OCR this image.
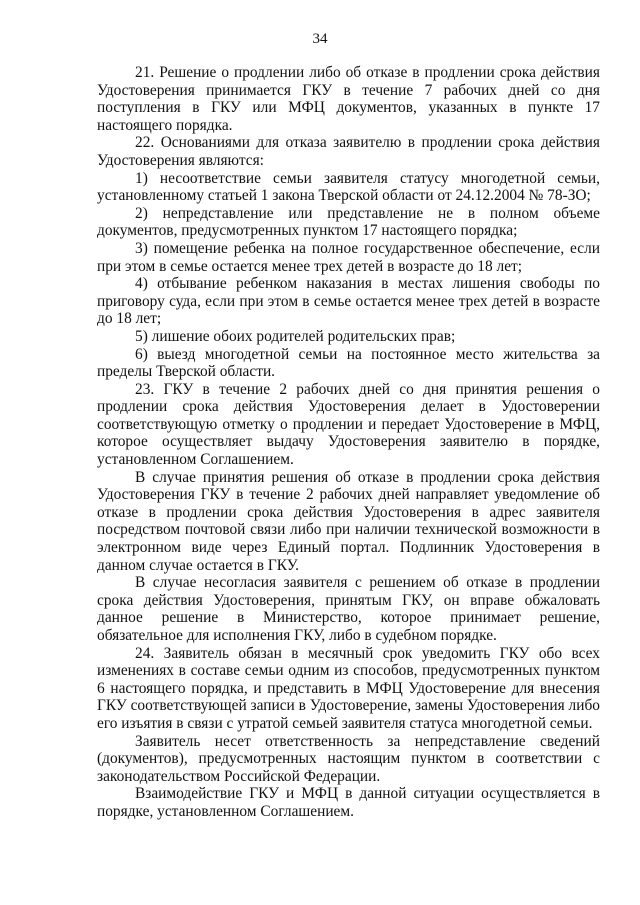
34

21. Решение о продлении либо об отказе в продлении срока действия Удостоверения принимается ГКУ в течение 7 рабочих дней со дня поступления в ГКУ или МФЦ документов, указанных в пункте 17 настоящего порядка.

22. Основаниями для отказа заявителю в продлении срока действия Удостоверения являются:

1) несоответствие семьи заявителя статусу многодетной семьи, установленному статьей 1 закона Тверской области от 24.12.2004 № 78-ЗО;

2) непредставление или представление не в полном объеме документов, предусмотренных пунктом 17 настоящего порядка;

3) помещение ребенка на полное государственное обеспечение, если при этом в семье остается менее трех детей в возрасте до 18 лет;

4) отбывание ребенком наказания в местах лишения свободы по приговору суда, если при этом в семье остается менее трех детей в возрасте до 18 лет;

5) лишение обоих родителей родительских прав;

6) выезд многодетной семьи на постоянное место жительства за пределы Тверской области.

23. ГКУ в течение 2 рабочих дней со дня принятия решения о продлении срока действия Удостоверения делает в Удостоверении соответствующую отметку о продлении и передает Удостоверение в МФЦ, которое осуществляет выдачу Удостоверения заявителю в порядке, установленном Соглашением.

В случае принятия решения об отказе в продлении срока действия Удостоверения ГКУ в течение 2 рабочих дней направляет уведомление об отказе в продлении срока действия Удостоверения в адрес заявителя посредством почтовой связи либо при наличии технической возможности в электронном виде через Единый портал. Подлинник Удостоверения в данном случае остается в ГКУ.

В случае несогласия заявителя с решением об отказе в продлении срока действия Удостоверения, принятым ГКУ, он вправе обжаловать данное решение в Министерство, которое принимает решение, обязательное для исполнения ГКУ, либо в судебном порядке.

24. Заявитель обязан в месячный срок уведомить ГКУ обо всех изменениях в составе семьи одним из способов, предусмотренных пунктом 6 настоящего порядка, и представить в МФЦ Удостоверение для внесения ГКУ соответствующей записи в Удостоверение, замены Удостоверения либо его изъятия в связи с утратой семьей заявителя статуса многодетной семьи.

Заявитель несет ответственность за непредставление сведений (документов), предусмотренных настоящим пунктом в соответствии с законодательством Российской Федерации.

Взаимодействие ГКУ и МФЦ в данной ситуации осуществляется в порядке, установленном Соглашением.
